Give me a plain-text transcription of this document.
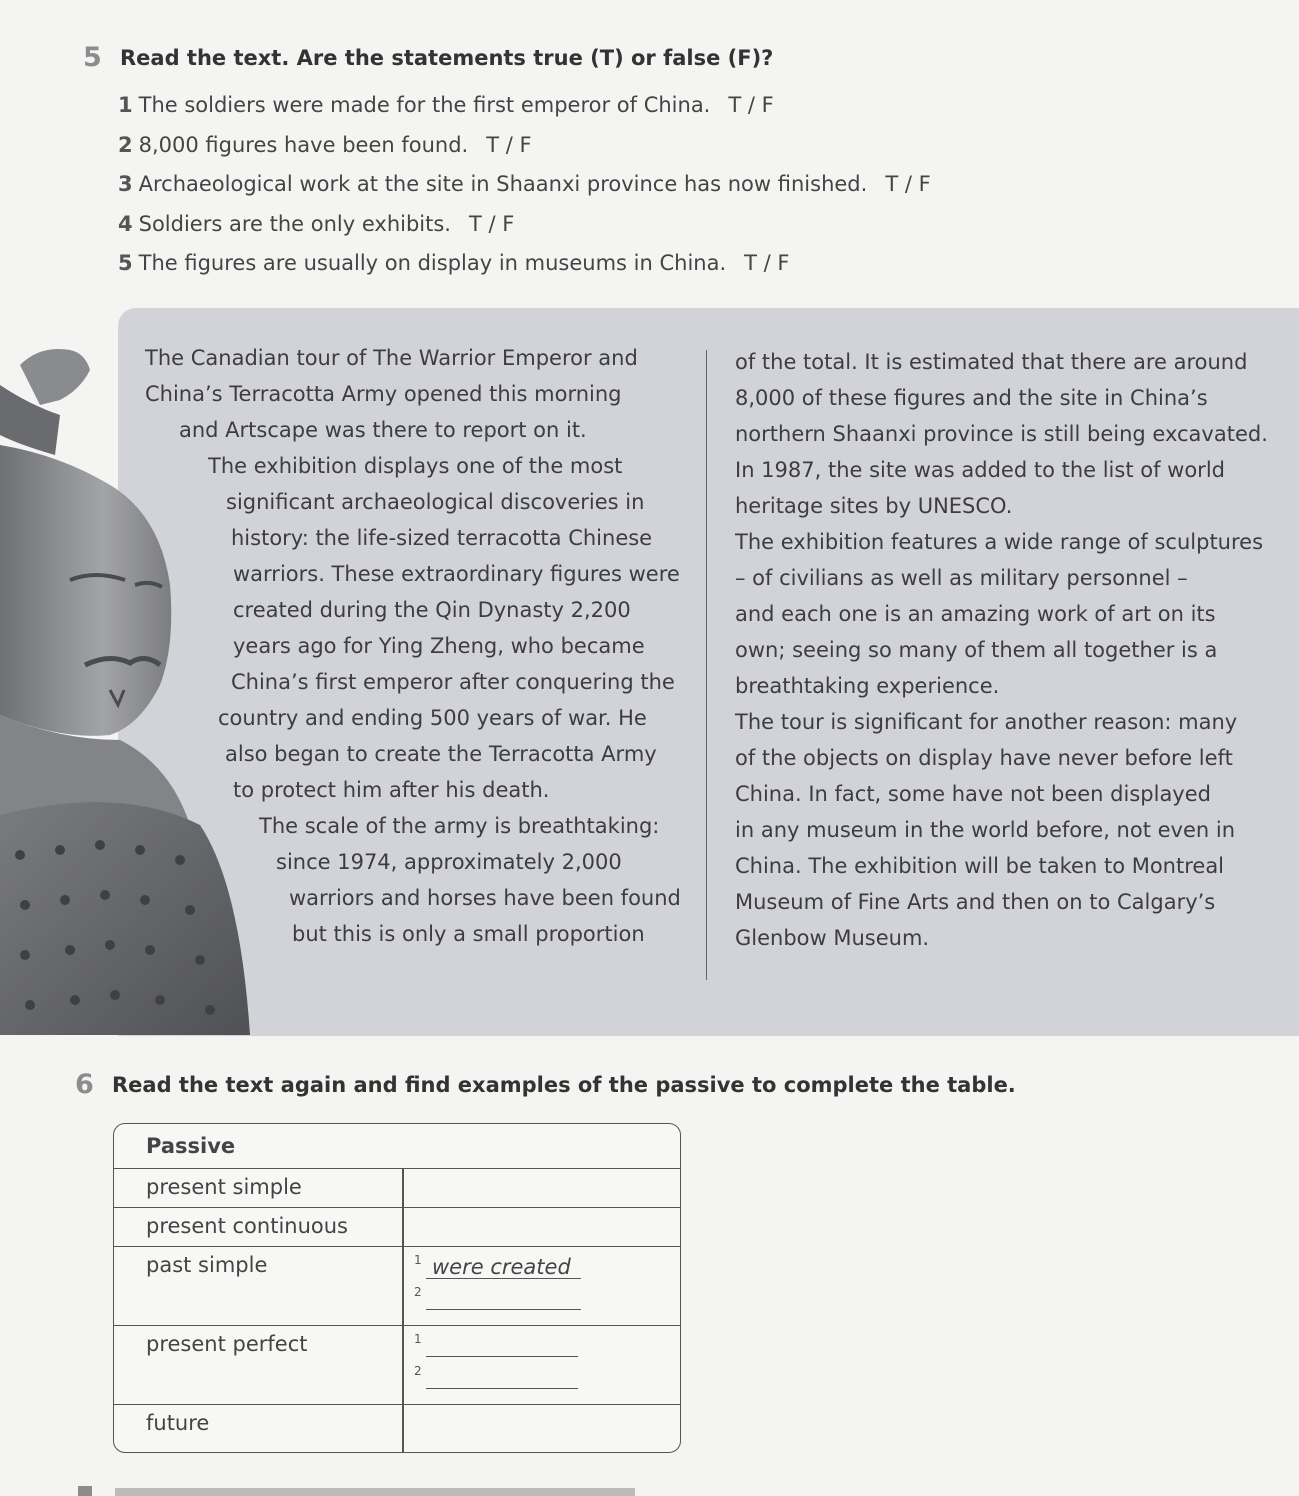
5 Read the text. Are the statements true (T) or false (F)?
1 The soldiers were made for the first emperor of China. T / F
2 8,000 figures have been found. T / F
3 Archaeological work at the site in Shaanxi province has now finished. T / F
4 Soldiers are the only exhibits. T / F
5 The figures are usually on display in museums in China. T / F
The Canadian tour of The Warrior Emperor and
China’s Terracotta Army opened this morning
and Artscape was there to report on it.
The exhibition displays one of the most
significant archaeological discoveries in
history: the life-sized terracotta Chinese
warriors. These extraordinary figures were
created during the Qin Dynasty 2,200
years ago for Ying Zheng, who became
China’s first emperor after conquering the
country and ending 500 years of war. He
also began to create the Terracotta Army
to protect him after his death.
The scale of the army is breathtaking:
since 1974, approximately 2,000
warriors and horses have been found
but this is only a small proportion
of the total. It is estimated that there are around
8,000 of these figures and the site in China’s
northern Shaanxi province is still being excavated.
In 1987, the site was added to the list of world
heritage sites by UNESCO.
The exhibition features a wide range of sculptures
– of civilians as well as military personnel –
and each one is an amazing work of art on its
own; seeing so many of them all together is a
breathtaking experience.
The tour is significant for another reason: many
of the objects on display have never before left
China. In fact, some have not been displayed
in any museum in the world before, not even in
China. The exhibition will be taken to Montreal
Museum of Fine Arts and then on to Calgary’s
Glenbow Museum.
6 Read the text again and find examples of the passive to complete the table.
Passive
present simple
present continuous
past simple	1 were created
2
present perfect	1
2
future
